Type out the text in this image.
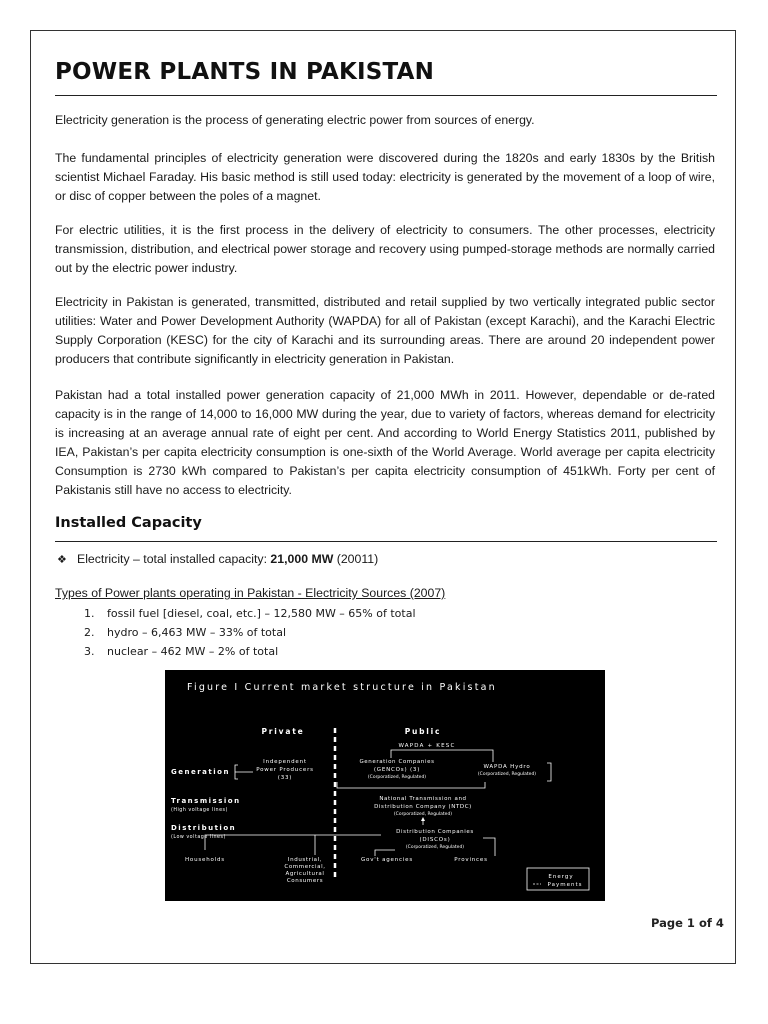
POWER PLANTS IN PAKISTAN

Electricity generation is the process of generating electric power from sources of energy.

The fundamental principles of electricity generation were discovered during the 1820s and early 1830s by the British scientist Michael Faraday. His basic method is still used today: electricity is generated by the movement of a loop of wire, or disc of copper between the poles of a magnet.

For electric utilities, it is the first process in the delivery of electricity to consumers. The other processes, electricity transmission, distribution, and electrical power storage and recovery using pumped-storage methods are normally carried out by the electric power industry.

Electricity in Pakistan is generated, transmitted, distributed and retail supplied by two vertically integrated public sector utilities: Water and Power Development Authority (WAPDA) for all of Pakistan (except Karachi), and the Karachi Electric Supply Corporation (KESC) for the city of Karachi and its surrounding areas. There are around 20 independent power producers that contribute significantly in electricity generation in Pakistan.

Pakistan had a total installed power generation capacity of 21,000 MWh in 2011. However, dependable or de-rated capacity is in the range of 14,000 to 16,000 MW during the year, due to variety of factors, whereas demand for electricity is increasing at an average annual rate of eight per cent. And according to World Energy Statistics 2011, published by IEA, Pakistan’s per capita electricity consumption is one-sixth of the World Average. World average per capita electricity Consumption is 2730 kWh compared to Pakistan’s per capita electricity consumption of 451kWh. Forty per cent of Pakistanis still have no access to electricity.

Installed Capacity
❖ Electricity – total installed capacity: 21,000 MW (20011)
Types of Power plants operating in Pakistan - Electricity Sources (2007)
1. fossil fuel [diesel, coal, etc.] – 12,580 MW – 65% of total
2. hydro – 6,463 MW – 33% of total
3. nuclear – 462 MW – 2% of total
Figure I Current market structure in Pakistan
Private	Public
WAPDA + KESC
Generation
Transmission
(High voltage lines)
Distribution
(Low voltage lines)
Independent
Power Producers
(33)
Generation Companies
(GENCOs) (3)
(Corporatized, Regulated)
WAPDA Hydro
(Corporatized, Regulated)
National Transmission and
Distribution Company (NTDC)
(Corporatized, Regulated)
Distribution Companies
(DISCOs)
(Corporatized, Regulated)
Households	Industrial,
Commercial,
Agricultural
Consumers
Gov't agencies	Provinces
Energy
Payments
Page 1 of 4
